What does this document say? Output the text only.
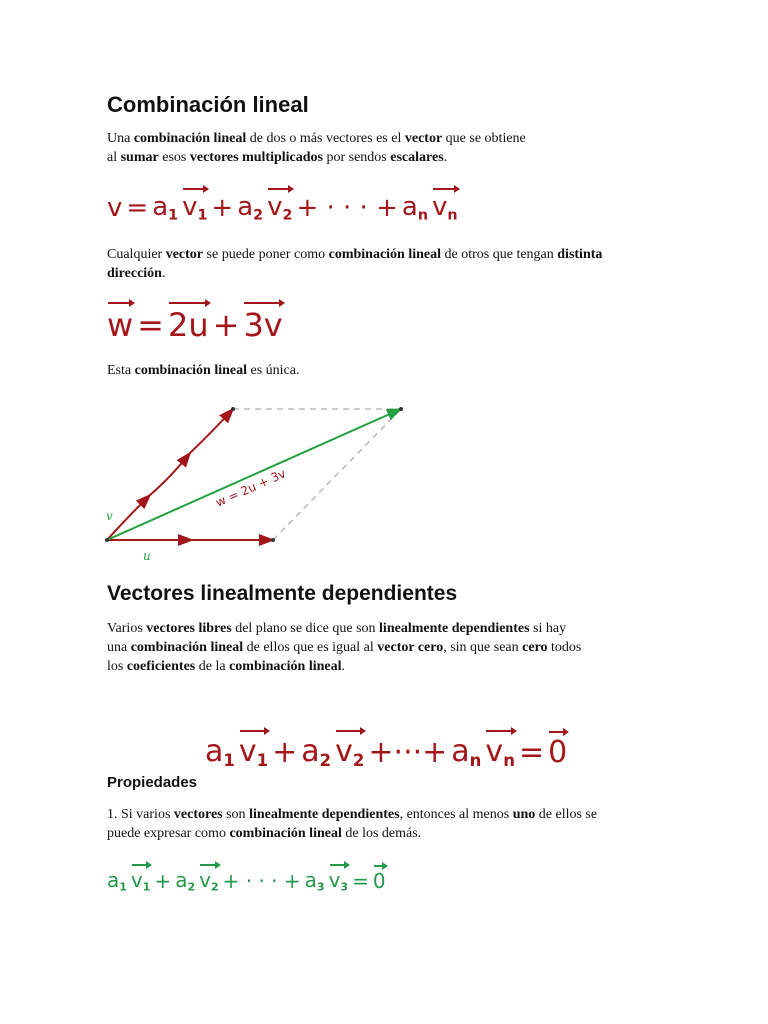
Combinación lineal
Una combinación lineal de dos o más vectores es el vector que se obtiene
al sumar esos vectores multiplicados por sendos escalares.
$v = a_1$ $v_1 + a_2$ $v_2$ + · · · + $a_n$ $v_n$
Cualquier vector se puede poner como combinación lineal de otros que tengan distinta
dirección.
w = 2u + 3v
Esta combinación lineal es única.
v
u
w = 2u + 3v
Vectores linealmente dependientes
Varios vectores libres del plano se dice que son linealmente dependientes si hay
una combinación lineal de ellos que es igual al vector cero, sin que sean cero todos
los coeficientes de la combinación lineal.
$a_1$ $v_1 + a_2$ $v_2$ +···+ $a_n$ $v_n = 0$
Propiedades
1. Si varios vectores son linealmente dependientes, entonces al menos uno de ellos se
puede expresar como combinación lineal de los demás.
$a_1$ $v_1 + a_2$ $v_2$ + · · · + $a_3$ $v_3 = 0$
